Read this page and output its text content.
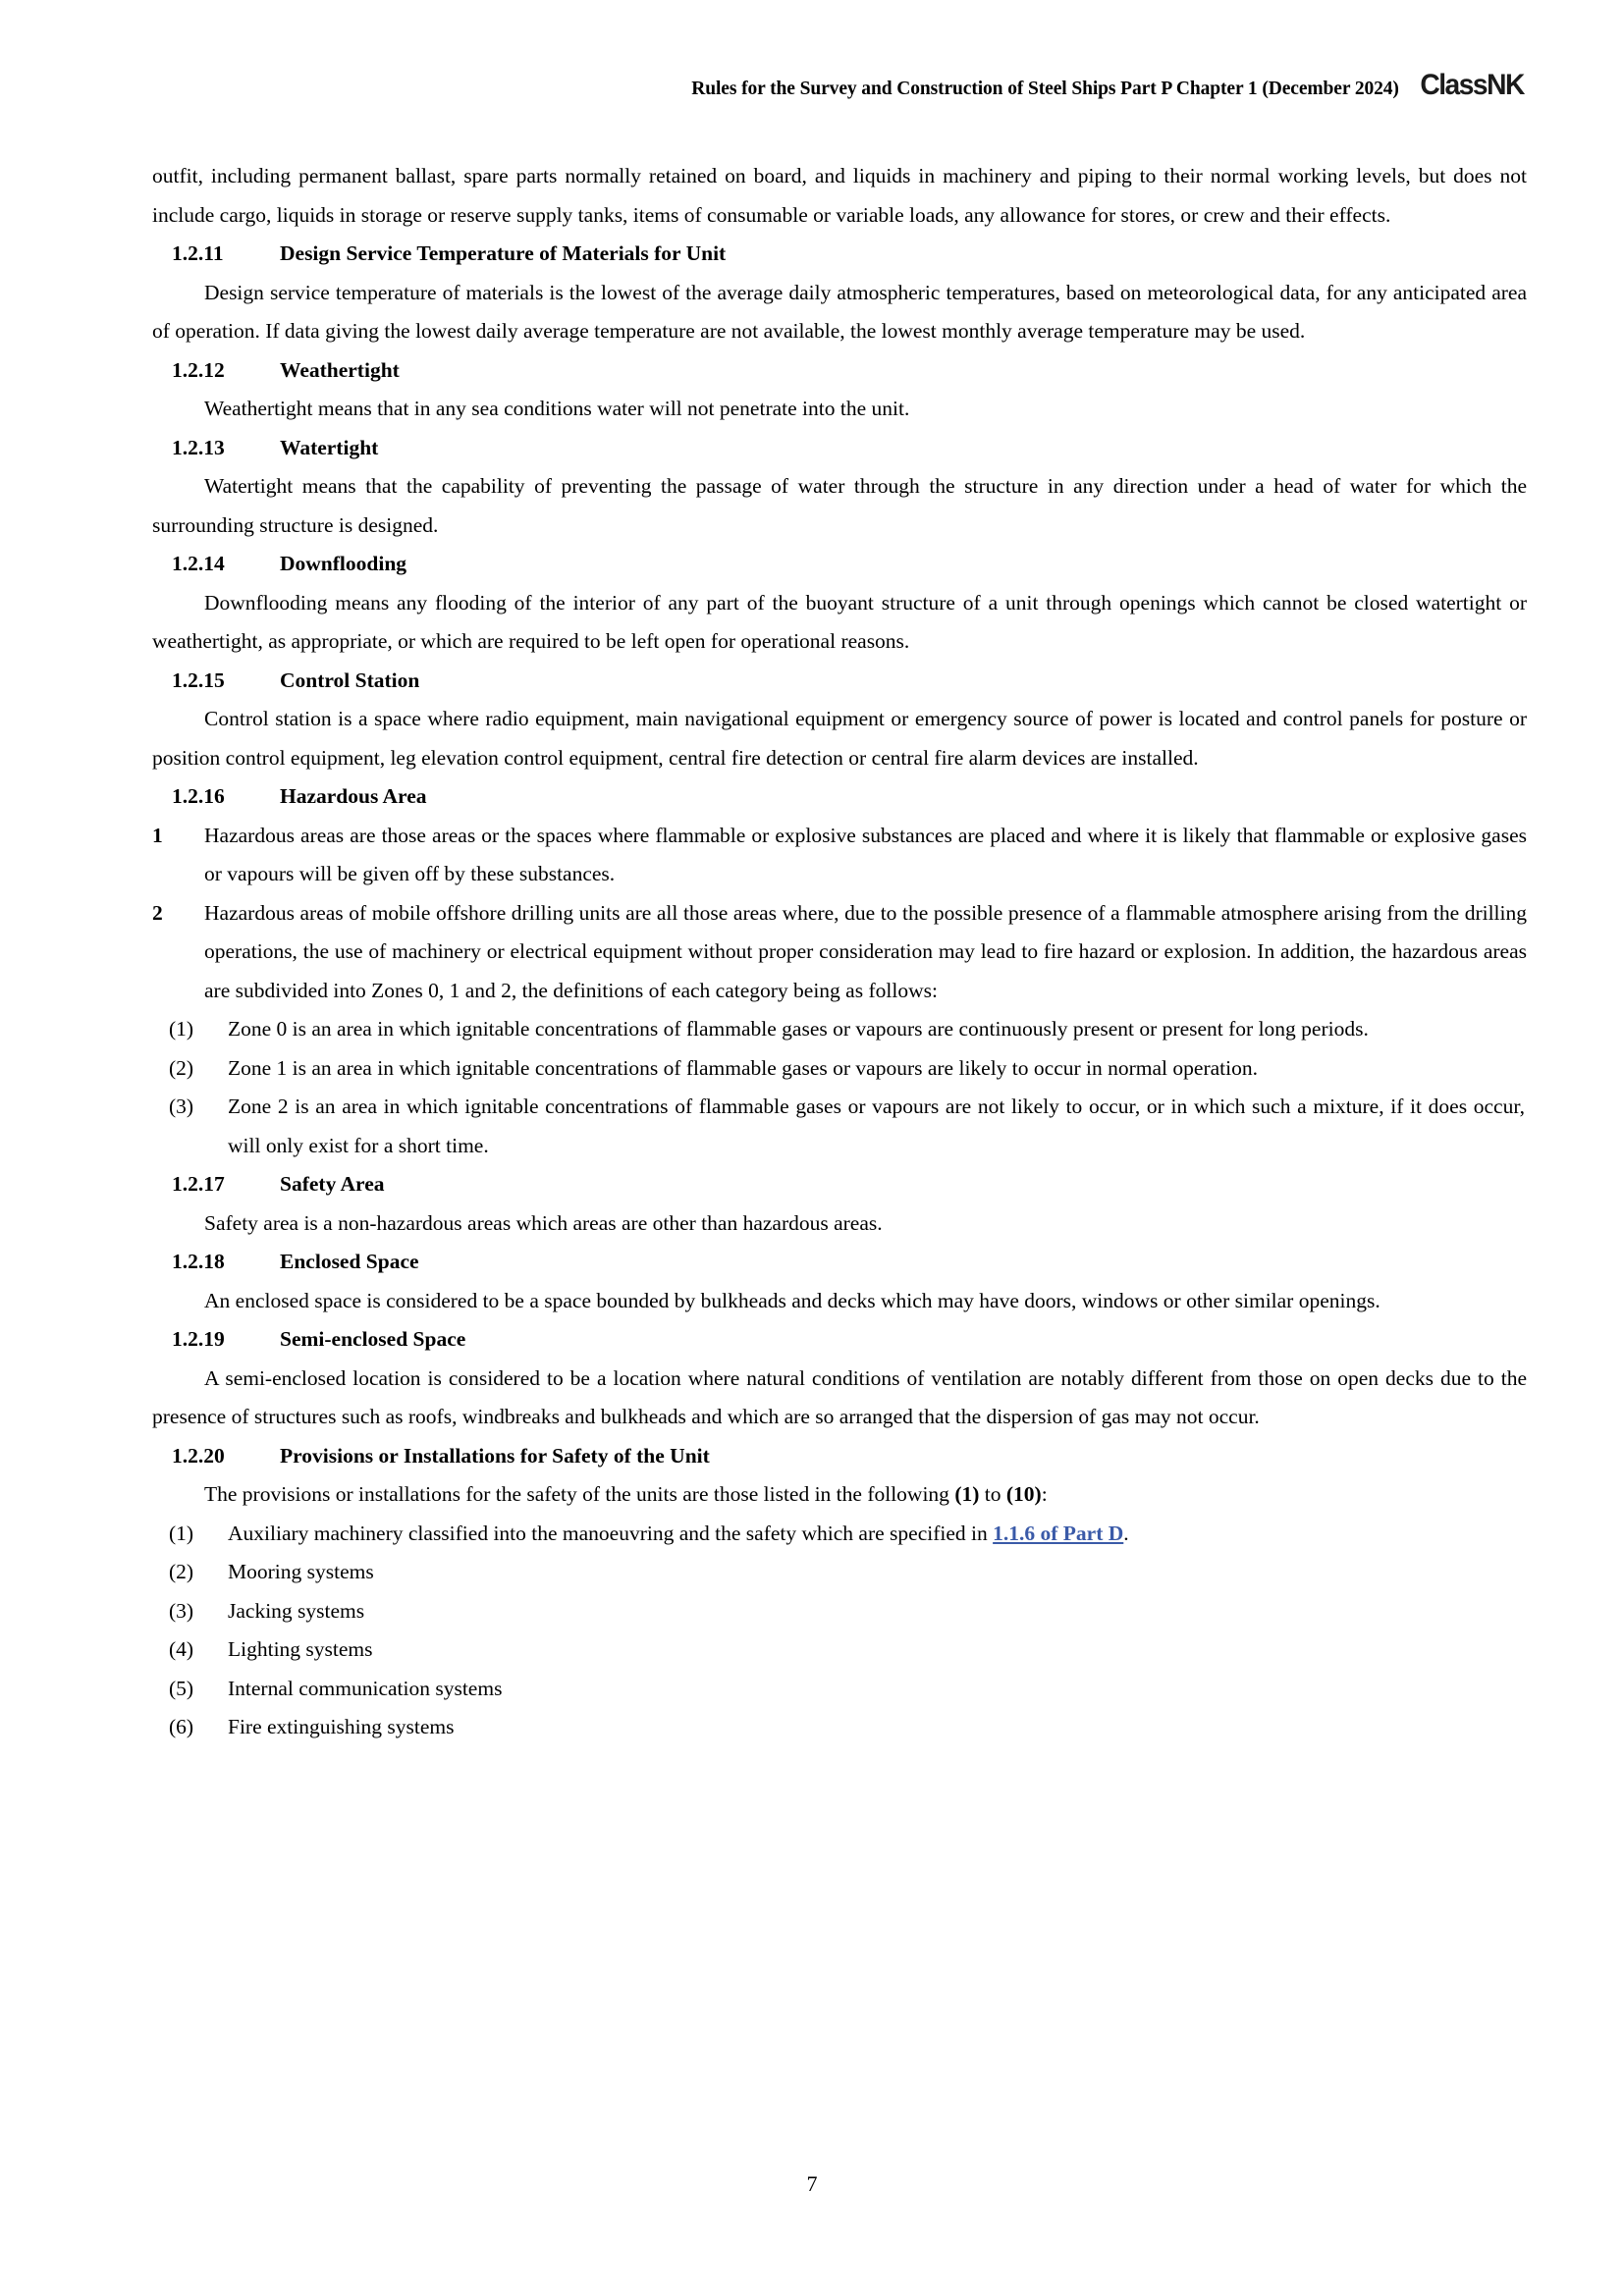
Rules for the Survey and Construction of Steel Ships Part P Chapter 1 (December 2024) ClassNK

outfit, including permanent ballast, spare parts normally retained on board, and liquids in machinery and piping to their normal working levels, but does not include cargo, liquids in storage or reserve supply tanks, items of consumable or variable loads, any allowance for stores, or crew and their effects.

1.2.11	Design Service Temperature of Materials for Unit

Design service temperature of materials is the lowest of the average daily atmospheric temperatures, based on meteorological data, for any anticipated area of operation. If data giving the lowest daily average temperature are not available, the lowest monthly average temperature may be used.

1.2.12	Weathertight

Weathertight means that in any sea conditions water will not penetrate into the unit.

1.2.13	Watertight

Watertight means that the capability of preventing the passage of water through the structure in any direction under a head of water for which the surrounding structure is designed.

1.2.14	Downflooding

Downflooding means any flooding of the interior of any part of the buoyant structure of a unit through openings which cannot be closed watertight or weathertight, as appropriate, or which are required to be left open for operational reasons.

1.2.15	Control Station

Control station is a space where radio equipment, main navigational equipment or emergency source of power is located and control panels for posture or position control equipment, leg elevation control equipment, central fire detection or central fire alarm devices are installed.

1.2.16	Hazardous Area
1	Hazardous areas are those areas or the spaces where flammable or explosive substances are placed and where it is likely that flammable or explosive gases or vapours will be given off by these substances.
2	Hazardous areas of mobile offshore drilling units are all those areas where, due to the possible presence of a flammable atmosphere arising from the drilling operations, the use of machinery or electrical equipment without proper consideration may lead to fire hazard or explosion. In addition, the hazardous areas are subdivided into Zones 0, 1 and 2, the definitions of each category being as follows:
(1)	Zone 0 is an area in which ignitable concentrations of flammable gases or vapours are continuously present or present for long periods.
(2)	Zone 1 is an area in which ignitable concentrations of flammable gases or vapours are likely to occur in normal operation.
(3)	Zone 2 is an area in which ignitable concentrations of flammable gases or vapours are not likely to occur, or in which such a mixture, if it does occur, will only exist for a short time.
1.2.17	Safety Area

Safety area is a non-hazardous areas which areas are other than hazardous areas.

1.2.18	Enclosed Space

An enclosed space is considered to be a space bounded by bulkheads and decks which may have doors, windows or other similar openings.

1.2.19	Semi-enclosed Space

A semi-enclosed location is considered to be a location where natural conditions of ventilation are notably different from those on open decks due to the presence of structures such as roofs, windbreaks and bulkheads and which are so arranged that the dispersion of gas may not occur.

1.2.20	Provisions or Installations for Safety of the Unit

The provisions or installations for the safety of the units are those listed in the following (1) to (10):

(1)	Auxiliary machinery classified into the manoeuvring and the safety which are specified in 1.1.6 of Part D.
(2)	Mooring systems
(3)	Jacking systems
(4)	Lighting systems
(5)	Internal communication systems
(6)	Fire extinguishing systems
7
